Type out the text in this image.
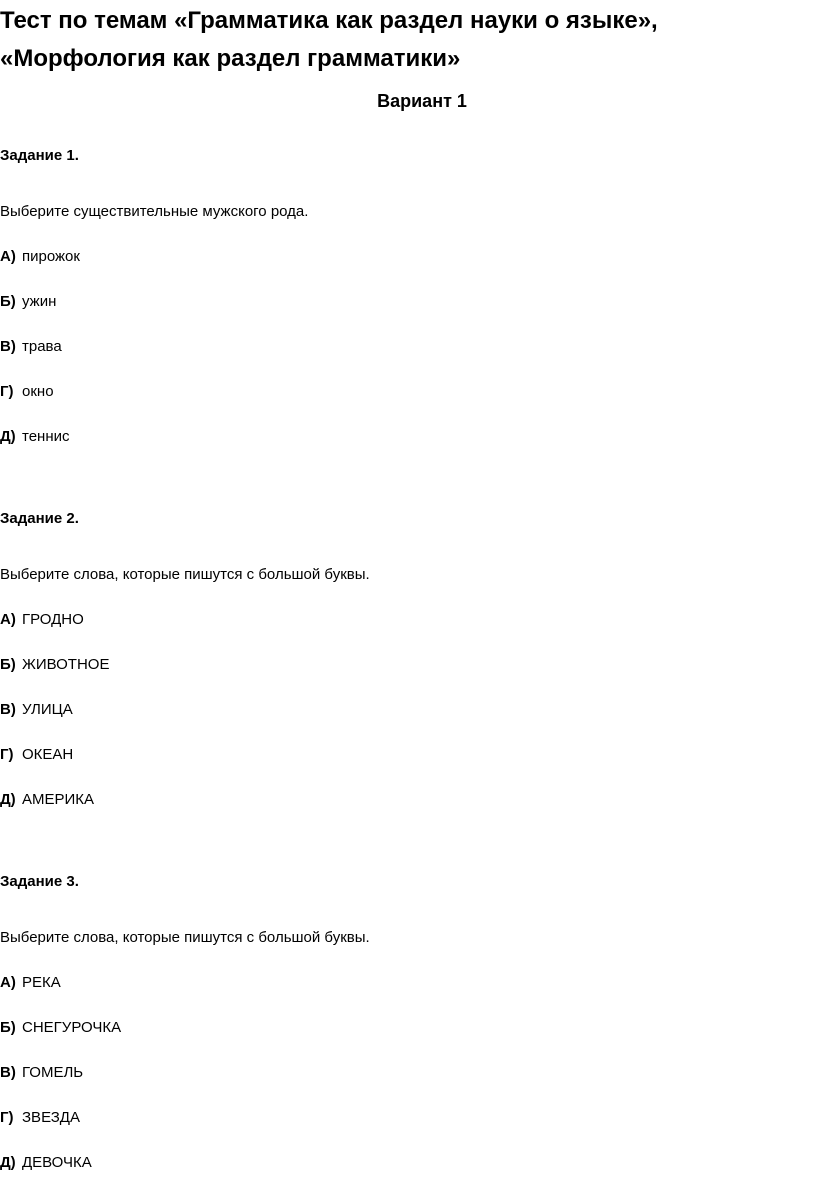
Тест по темам «Грамматика как раздел науки о языке»,
«Морфология как раздел грамматики»

Вариант 1

Задание 1.

Выберите существительные мужского рода.

А) пирожок
Б) ужин
В) трава
Г) окно
Д) теннис

Задание 2.

Выберите слова, которые пишутся с большой буквы.

А) ГРОДНО
Б) ЖИВОТНОЕ
В) УЛИЦА
Г) ОКЕАН
Д) АМЕРИКА

Задание 3.

Выберите слова, которые пишутся с большой буквы.

А) РЕКА
Б) СНЕГУРОЧКА
В) ГОМЕЛЬ
Г) ЗВЕЗДА
Д) ДЕВОЧКА
